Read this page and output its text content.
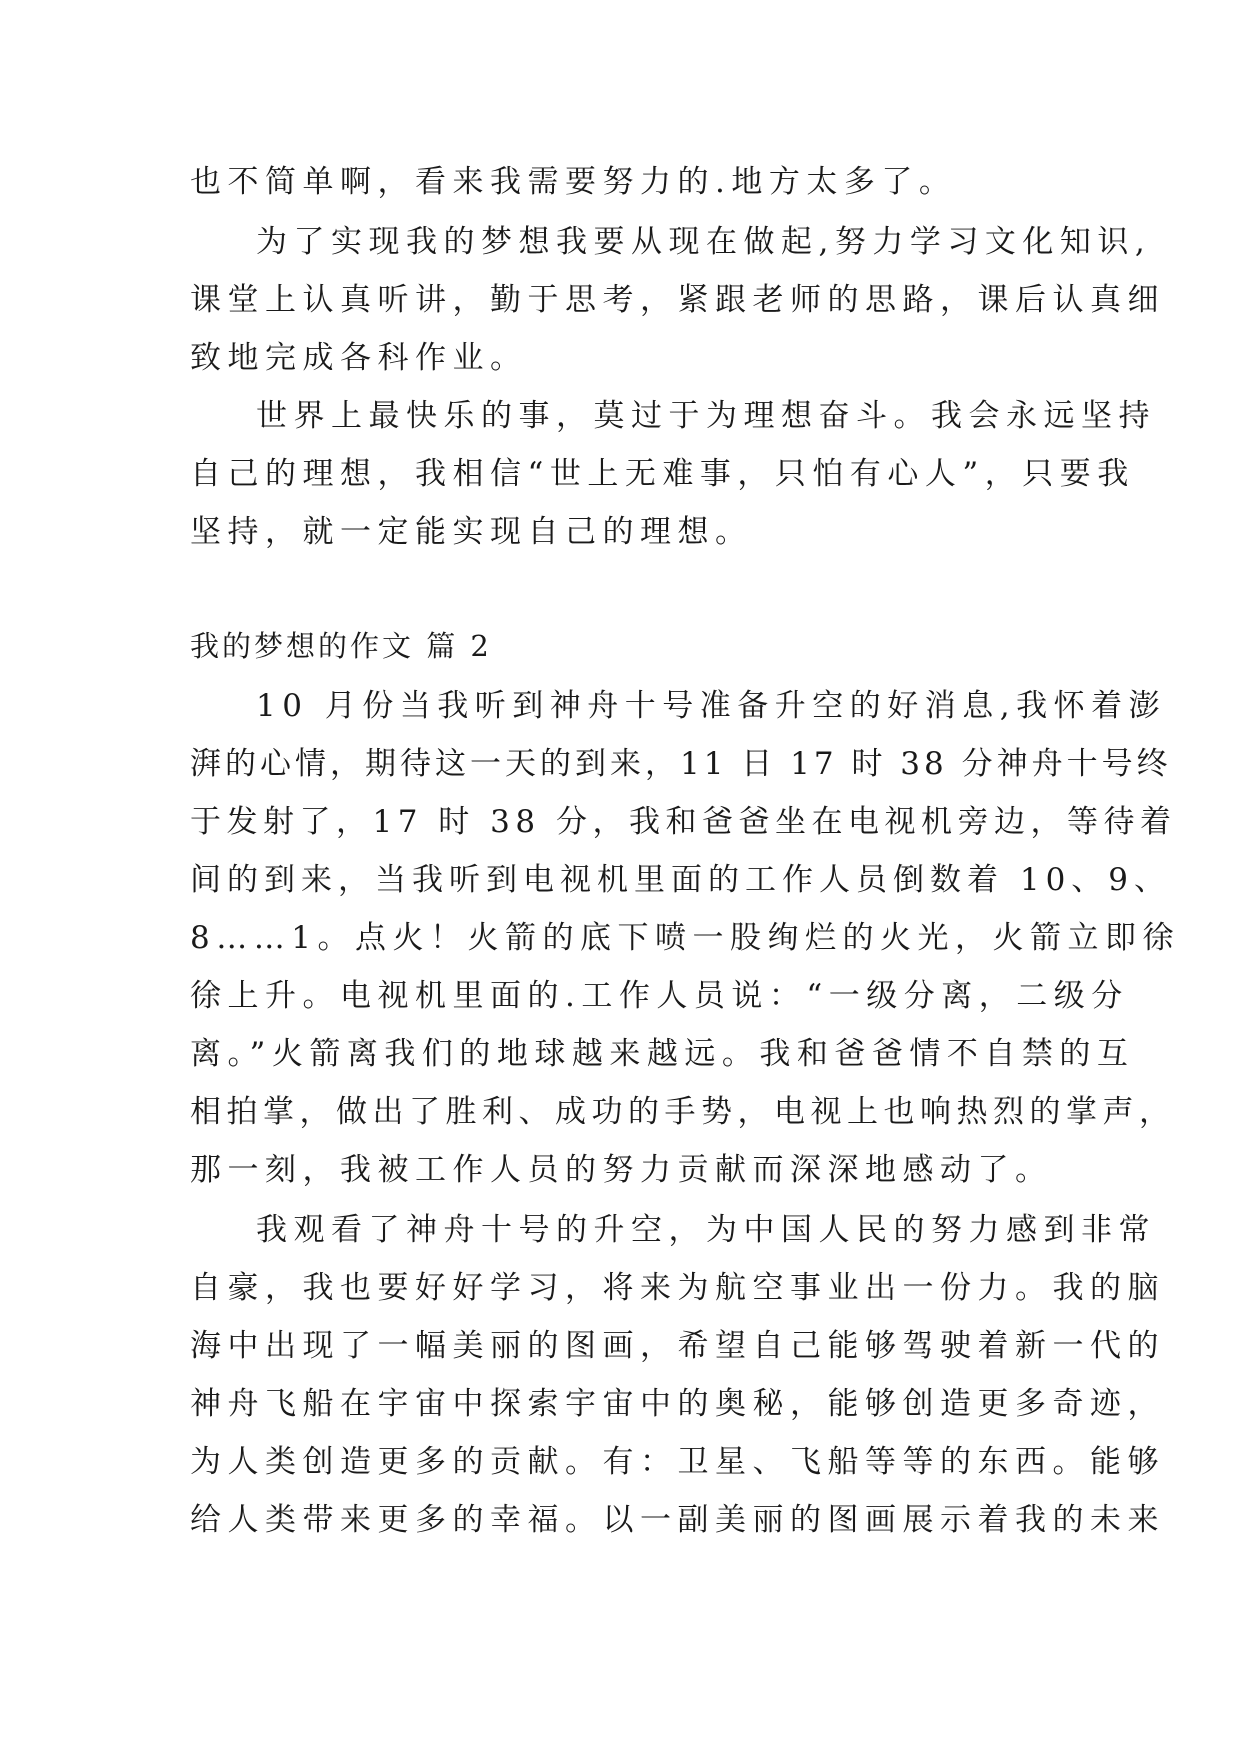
也不简单啊，看来我需要努力的.地方太多了。
为了实现我的梦想我要从现在做起,努力学习文化知识,
课堂上认真听讲，勤于思考，紧跟老师的思路，课后认真细
致地完成各科作业。
世界上最快乐的事，莫过于为理想奋斗。我会永远坚持
自己的理想，我相信“世上无难事，只怕有心人”，只要我
坚持，就一定能实现自己的理想。
我的梦想的作文 篇 2
10 月份当我听到神舟十号准备升空的好消息,我怀着澎
湃的心情，期待这一天的到来，11 日 17 时 38 分神舟十号终
于发射了，17 时 38 分，我和爸爸坐在电视机旁边，等待着
间的到来，当我听到电视机里面的工作人员倒数着 10、9、
8……1。点火！火箭的底下喷一股绚烂的火光，火箭立即徐
徐上升。电视机里面的.工作人员说：“一级分离，二级分
离。”火箭离我们的地球越来越远。我和爸爸情不自禁的互
相拍掌，做出了胜利、成功的手势，电视上也响热烈的掌声，
那一刻，我被工作人员的努力贡献而深深地感动了。
我观看了神舟十号的升空，为中国人民的努力感到非常
自豪，我也要好好学习，将来为航空事业出一份力。我的脑
海中出现了一幅美丽的图画，希望自己能够驾驶着新一代的
神舟飞船在宇宙中探索宇宙中的奥秘，能够创造更多奇迹，
为人类创造更多的贡献。有：卫星、飞船等等的东西。能够
给人类带来更多的幸福。以一副美丽的图画展示着我的未来
